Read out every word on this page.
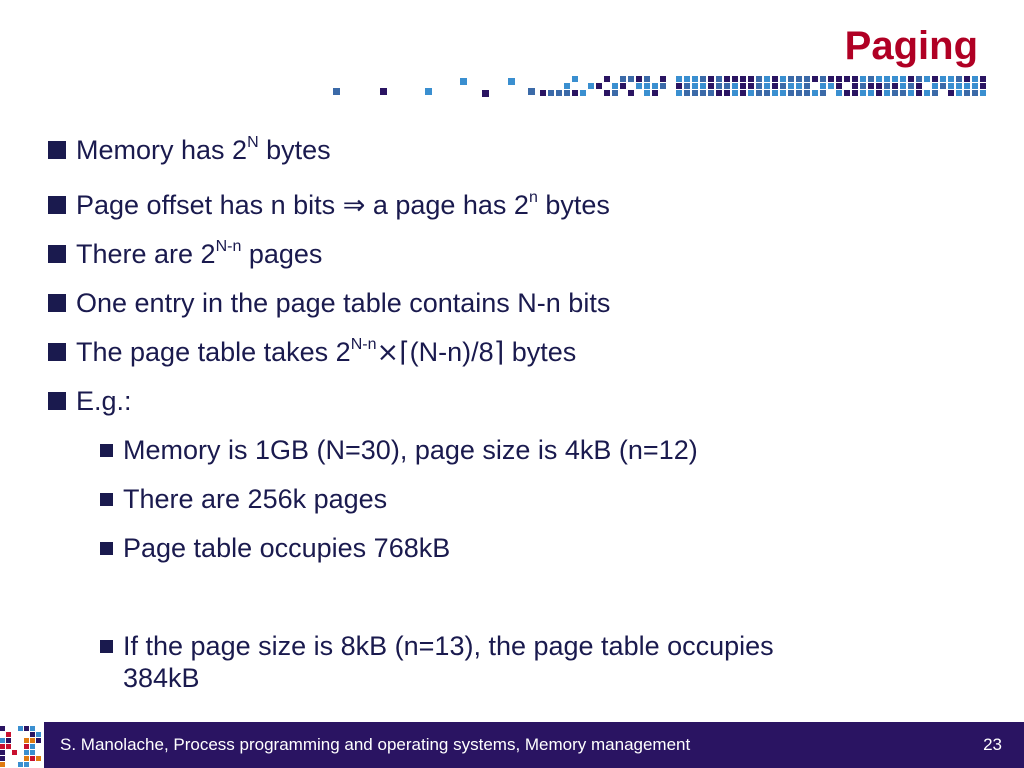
Paging
Memory has $2^N$ bytes
Page offset has n bits ⇒ a page has 2$^n$ bytes
There are $2^{N-n}$ pages
One entry in the page table contains N-n bits
The page table takes $2^{N-n}\times⌈(N-n)/8⌉$ bytes
E.g.:
Memory is 1GB (N=30), page size is 4kB (n=12)
There are 256k pages
Page table occupies 768kB
If the page size is 8kB (n=13), the page table occupies
384kB
S. Manolache, Process programming and operating systems, Memory management	23
